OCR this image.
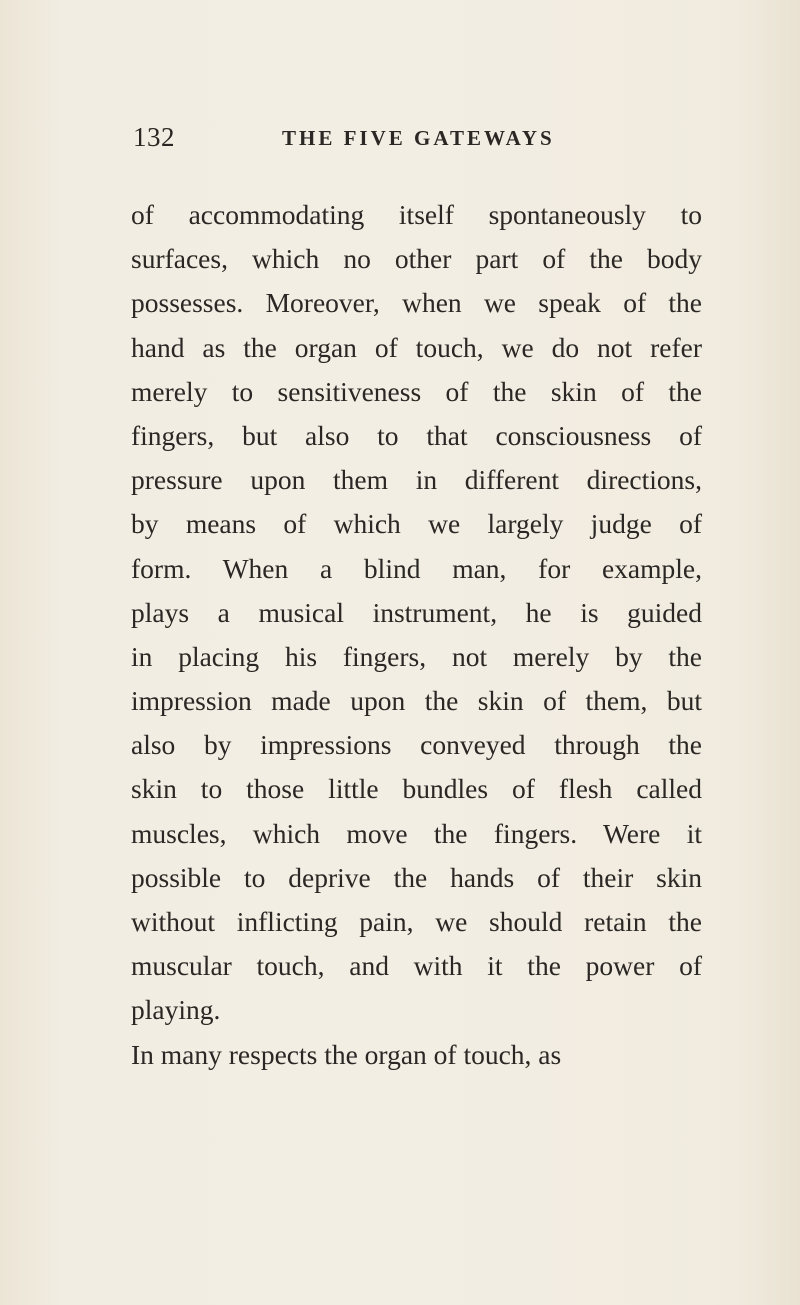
132	THE FIVE GATEWAYS
of accommodating itself spontaneously to
surfaces, which no other part of the body
possesses. Moreover, when we speak of the
hand as the organ of touch, we do not refer
merely to sensitiveness of the skin of the
fingers, but also to that consciousness of
pressure upon them in different directions,
by means of which we largely judge of
form. When a blind man, for example,
plays a musical instrument, he is guided
in placing his fingers, not merely by the
impression made upon the skin of them, but
also by impressions conveyed through the
skin to those little bundles of flesh called
muscles, which move the fingers. Were it
possible to deprive the hands of their skin
without inflicting pain, we should retain the
muscular touch, and with it the power of
playing.
In many respects the organ of touch, as
